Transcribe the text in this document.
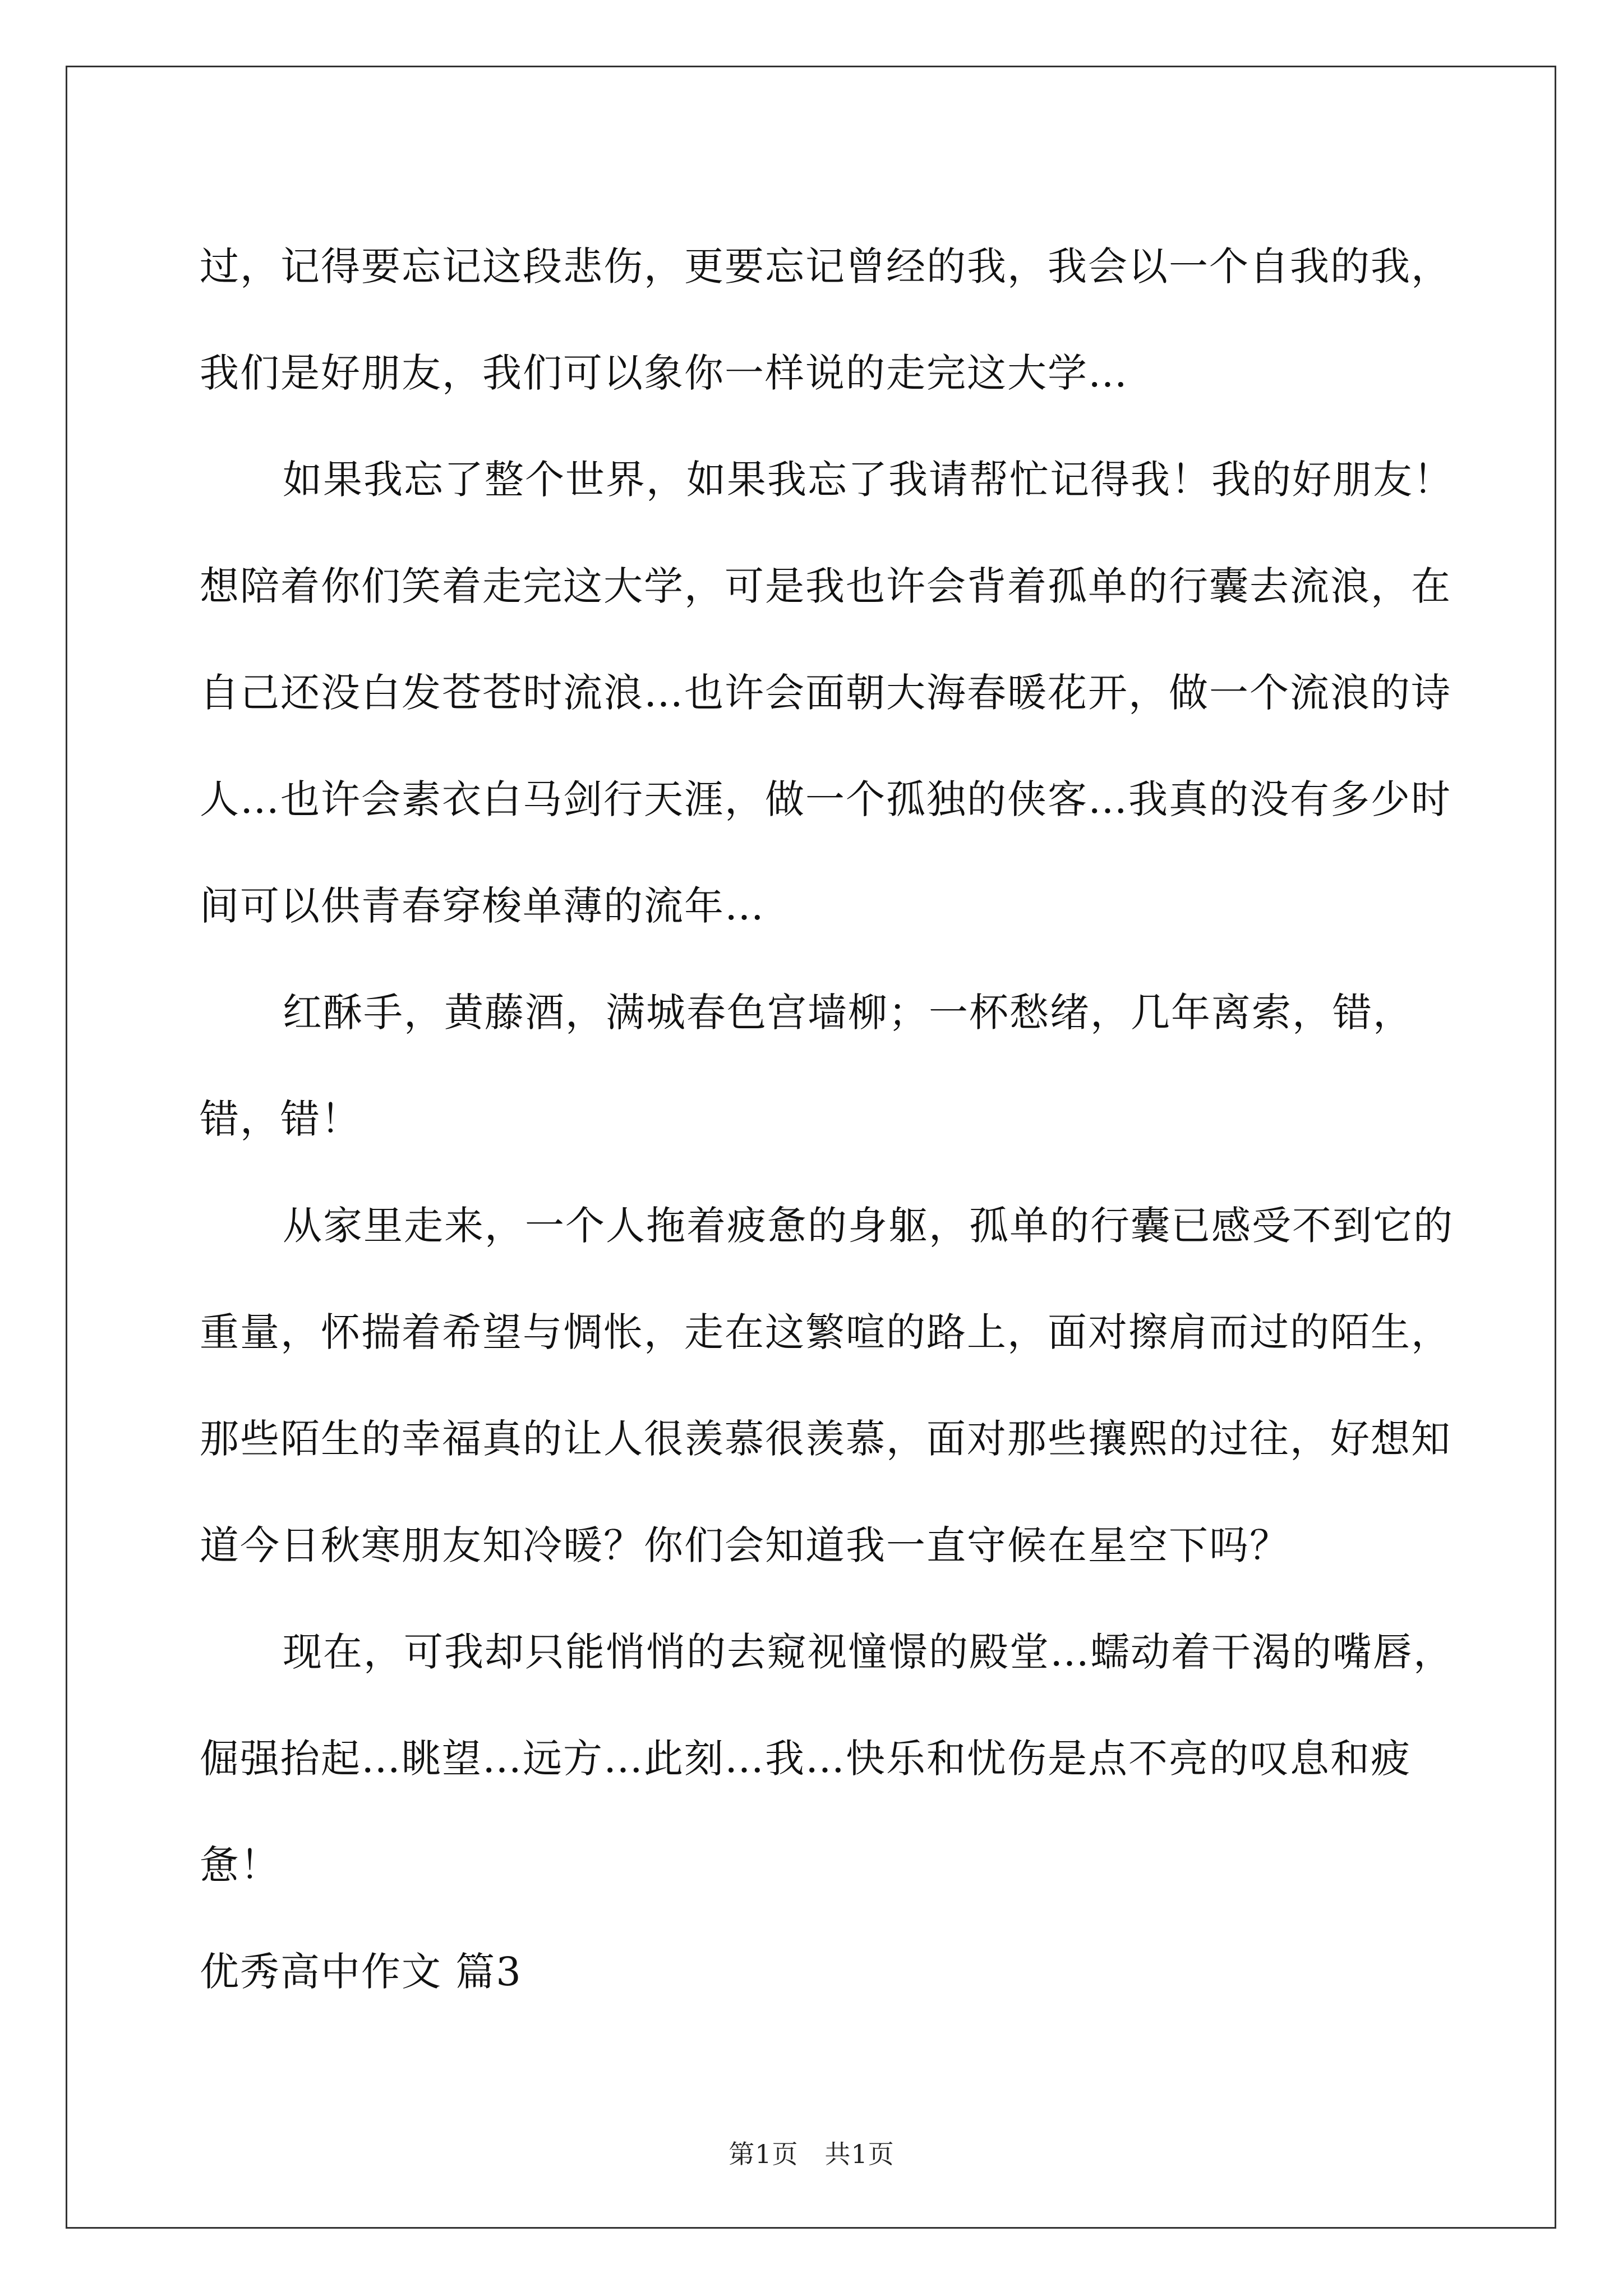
过，记得要忘记这段悲伤，更要忘记曾经的我，我会以一个自我的我，我们是好朋友，我们可以象你一样说的走完这大学…

如果我忘了整个世界，如果我忘了我请帮忙记得我！我的好朋友！想陪着你们笑着走完这大学，可是我也许会背着孤单的行囊去流浪，在自己还没白发苍苍时流浪…也许会面朝大海春暖花开，做一个流浪的诗人…也许会素衣白马剑行天涯，做一个孤独的侠客…我真的没有多少时间可以供青春穿梭单薄的流年…

红酥手，黄藤酒，满城春色宫墙柳；一杯愁绪，几年离索，错，错，错！

从家里走来，一个人拖着疲惫的身躯，孤单的行囊已感受不到它的重量，怀揣着希望与惆怅，走在这繁喧的路上，面对擦肩而过的陌生，那些陌生的幸福真的让人很羡慕很羡慕，面对那些攘熙的过往，好想知道今日秋寒朋友知冷暖？你们会知道我一直守候在星空下吗？

现在，可我却只能悄悄的去窥视憧憬的殿堂…蠕动着干渴的嘴唇，倔强抬起…眺望…远方…此刻…我…快乐和忧伤是点不亮的叹息和疲惫！

优秀高中作文 篇3

第1页　共1页
